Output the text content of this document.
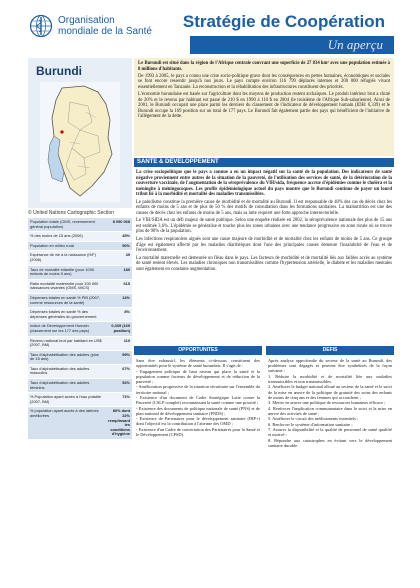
Organisation
mondiale de la Santé
Stratégie de Coopération
Un aperçu
Burundi
© United Nations Cartographic Section
Population totale (OMS, recensement général population)
8 090 068
% des moins de 15 ans (2006)	45%
Population en milieu rural	90%
Espérance de vie à la naissance (H/F) (2006)
49
Taux de mortalité infantile (pour 1000 enfants de moins 5 ans)
180
Ratio mortalité maternelle pour 100 000 naissances vivantes (OMS, MICS)
615
Dépenses totales en santé % PIB (2007, comme ressources de la santé)
14%
Dépenses totales en santé % des dépenses générales du gouvernement
8%
Indice de Développement Humain (classement sur les 177 des pays)
0,339 (169 position)
Revenu national brut par habitant en US$ (2007, BM)
110
Taux d'alphabétisation des adultes (plus de 15 ans)
59%
Taux d'alphabétisation des adultes masculins
67%
Taux d'alphabétisation des adultes féminins
52%
% Population ayant accès à l'eau potable (2007, BM)
71%
% population ayant accès à des latrines améliorées
80% dont 22% remplissant les conditions d'hygiène

Le Burundi est situé dans la région de l'Afrique centrale couvrant une superficie de 27 834 km² avec une population estimée à 8 millions d'habitants.

De 1993 à 2005, le pays a connu une crise socio-politique grave dont les conséquences en pertes humaines, économiques et sociales se font encore ressentir jusqu'à nos jours. Le pays compte environ 116 799 déplacés internes et 200 000 réfugiés vivant essentiellement en Tanzanie. La reconstruction et la réhabilitation des infrastructures constituent des priorités.

L'économie burundaise est basée sur l'agriculture dont les moyens de production restent archaïques. Le produit intérieur brut a chuté de 20% et le revenu par habitant est passé de 210 $ en 1990 à 110 $ en 2004 (le troisième de l'Afrique Sub-saharienne). Ainsi de 2001, le Burundi occupait une place parmi les derniers du classement de l'indicateur de développement humain (IDH: 0,339) et le Burundi occupe la 169 position sur un total de 177 pays. Le Burundi fait également partie des pays qui bénéficient de l'initiative de l'allègement de la dette.

SANTE & DEVELOPPEMENT

La crise sociopolitique que le pays a connue a eu un impact négatif sur la santé de la population. Des indicateurs de santé négative proviennent entre autres de la situation de la pauvreté, de l'utilisation des services de santé, de la détérioration de la couverture vaccinale, de l'augmentation de la séroprévalence du VIH/sida, fréquence accrue d'épidémies comme le choléra et la méningite à méningocoques. Les profils épidémiologique actuel du pays montre que le Burundi continue de payer un lourd tribut lié à la morbidité et mortalité des maladies transmissibles.

Le paludisme constitue la première cause de morbidité et de mortalité au Burundi. Il est responsable de 40% des cas de décès chez les enfants de moins de 5 ans et de plus de 50 % des motifs de consultation dans les formations sanitaires. La malnutrition est une des causes de décès chez les enfants de moins de 5 ans, mais sa lutte requiert une forte approche intersectorielle.

Le VIH/SIDA est un défi majeur de santé publique. Selon une enquête réalisée en 2002, la séroprévalence nationale des plus de 15 ans est estimée 3,6%. L'épidémie se généralise et touche plus les zones urbaines avec une tendance progressive en zone rurale où se trouve plus de 90% de la population.

Les infections respiratoires aiguës sont une cause majeure de morbidité et de mortalité chez les enfants de moins de 5 ans. Ce groupe d'âge est également affecté par les maladies diarrhéiques dont l'une des principales causes demeure l'insalubrité de l'eau et de l'environnement.

La mortalité maternelle est demeurée un fléau dans le pays. Les facteurs de morbidité et de mortalité liés aux faibles accès au système de santé restent élevés. Les maladies chroniques non transmissibles comme l'hypertension artérielle, le diabète et les maladies mentales sont également en constante augmentation.

OPPORTUNITES
Sans être exhaustif, les éléments ci-dessous constituent des opportunités pour le système de santé burundais. Il s'agit de :
- Engagement politique de haut niveau qui place la santé et la population comme facteurs de développement et de réduction de la pauvreté ;
- Amélioration progressive de la situation sécuritaire sur l'ensemble du territoire national ;
- Existence d'un document de Cadre Stratégique Lutte contre la Pauvreté (CSLP complet) reconnaissant la santé comme une priorité ;
- Existence des documents de politique nationale de santé (PNS) et de plan national de développement sanitaire (PNDS) ;
- Existence de Partenaires pour le développement sanitaire (IHP+) dont l'objectif est la contribution à l'atteinte des OMD ;
- Existence d'un Cadre de concertation des Partenaires pour la Santé et le Développement (CPSD).
DEFIS
Après analyse approfondie du secteur de la santé au Burundi, des problèmes sont dégagés et peuvent être synthétisés de la façon suivante :
1. Réduire la morbidité et de mortalité liée aux maladies transmissibles et non transmissibles.
2. Améliorer le budget national alloué au secteur de la santé et le suivi de la mise en œuvre de la politique de gratuité des soins des enfants de moins de cinq ans et des femmes qui accouchent ;
3. Mettre en œuvre une politique de ressources humaines efficace ;
4. Renforcer l'implication communautaire dans le suivi et la mise en œuvre des activités de santé ;
5. Améliorer le circuit des médicaments essentiels ;
6. Renforcer le système d'information sanitaire ;
7. Assurer la disponibilité et la qualité de personnel de santé qualifié et motivé ;
8. Répondre aux catastrophes en évitant vers le développement sanitaire durable.
